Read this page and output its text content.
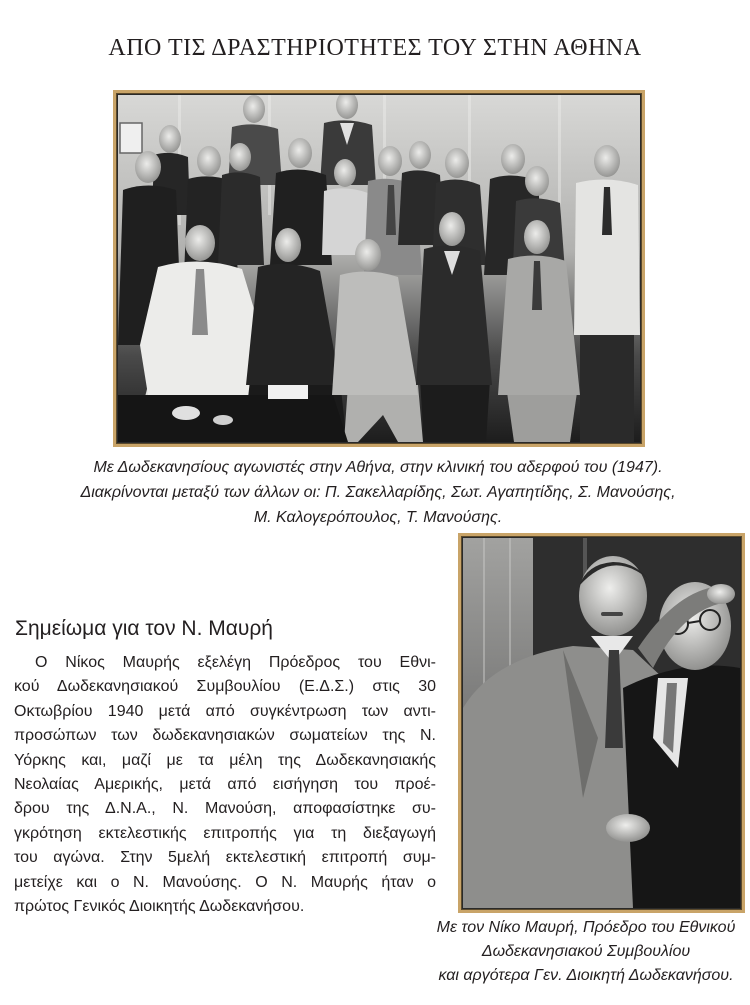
ΑΠΟ ΤΙΣ ΔΡΑΣΤΗΡΙΟΤΗΤΕΣ ΤΟΥ ΣΤΗΝ ΑΘΗΝΑ
Με Δωδεκανησίους αγωνιστές στην Αθήνα, στην κλινική του αδερφού του (1947).
Διακρίνονται μεταξύ των άλλων οι: Π. Σακελλαρίδης, Σωτ. Αγαπητίδης, Σ. Μανούσης,
Μ. Καλογερόπουλος, Τ. Μανούσης.
Σημείωμα για τον Ν. Μαυρή
Ο Νίκος Μαυρής εξελέγη Πρόεδρος του Εθνι-
κού Δωδεκανησιακού Συμβουλίου (Ε.Δ.Σ.) στις 30
Οκτωβρίου 1940 μετά από συγκέντρωση των αντι-
προσώπων των δωδεκανησιακών σωματείων της Ν.
Υόρκης και, μαζί με τα μέλη της Δωδεκανησιακής
Νεολαίας Αμερικής, μετά από εισήγηση του προέ-
δρου της Δ.Ν.Α., Ν. Μανούση, αποφασίστηκε συ-
γκρότηση εκτελεστικής επιτροπής για τη διεξαγωγή
του αγώνα. Στην 5μελή εκτελεστική επιτροπή συμ-
μετείχε και ο Ν. Μανούσης. Ο Ν. Μαυρής ήταν ο
πρώτος Γενικός Διοικητής Δωδεκανήσου.
Με τον Νίκο Μαυρή, Πρόεδρο του Εθνικού
Δωδεκανησιακού Συμβουλίου
και αργότερα Γεν. Διοικητή Δωδεκανήσου.
